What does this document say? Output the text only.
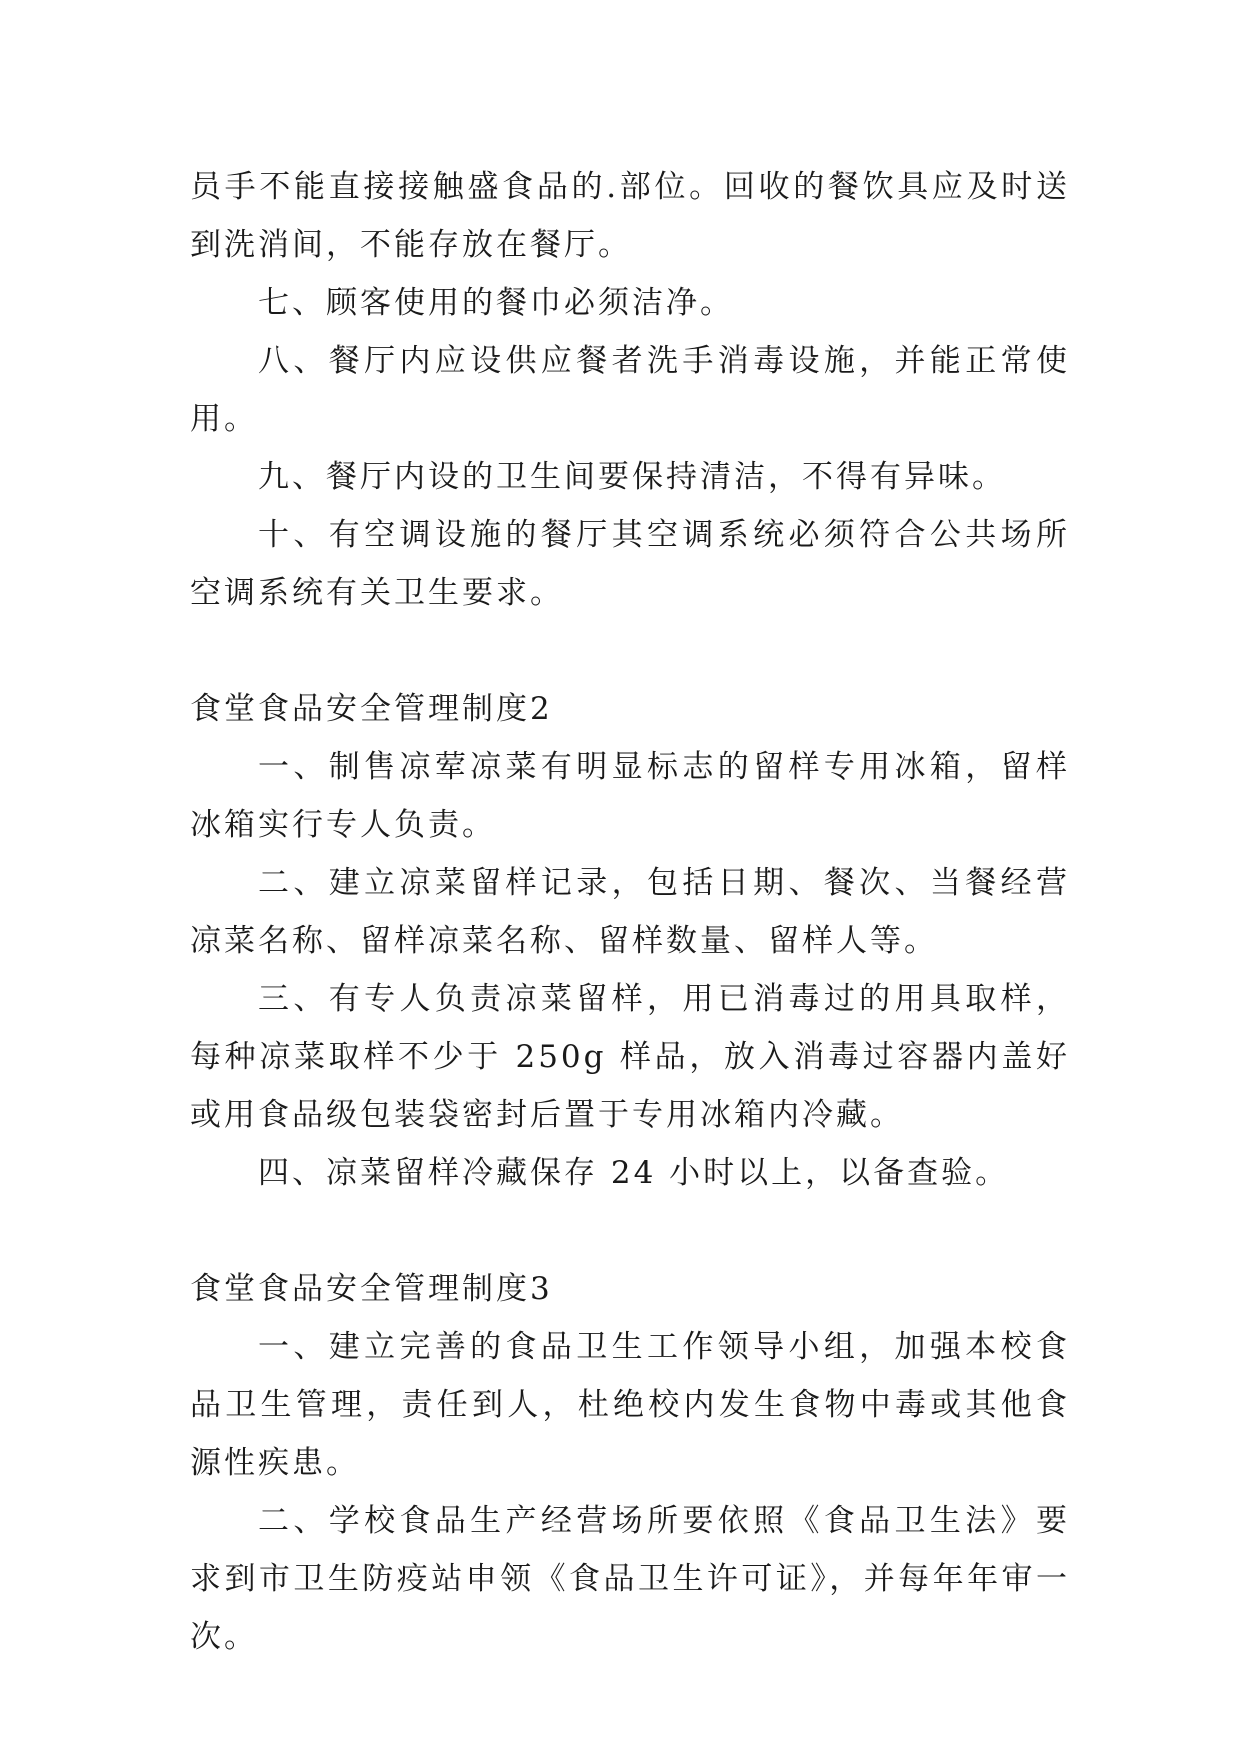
员手不能直接接触盛食品的.部位。回收的餐饮具应及时送到洗消间，不能存放在餐厅。

七、顾客使用的餐巾必须洁净。

八、餐厅内应设供应餐者洗手消毒设施，并能正常使用。

九、餐厅内设的卫生间要保持清洁，不得有异味。

十、有空调设施的餐厅其空调系统必须符合公共场所空调系统有关卫生要求。

食堂食品安全管理制度2

一、制售凉荤凉菜有明显标志的留样专用冰箱，留样冰箱实行专人负责。

二、建立凉菜留样记录，包括日期、餐次、当餐经营凉菜名称、留样凉菜名称、留样数量、留样人等。

三、有专人负责凉菜留样，用已消毒过的用具取样，每种凉菜取样不少于 250g 样品，放入消毒过容器内盖好或用食品级包装袋密封后置于专用冰箱内冷藏。

四、凉菜留样冷藏保存 24 小时以上，以备查验。

食堂食品安全管理制度3

一、建立完善的食品卫生工作领导小组，加强本校食品卫生管理，责任到人，杜绝校内发生食物中毒或其他食源性疾患。

二、学校食品生产经营场所要依照《食品卫生法》要求到市卫生防疫站申领《食品卫生许可证》，并每年年审一次。
